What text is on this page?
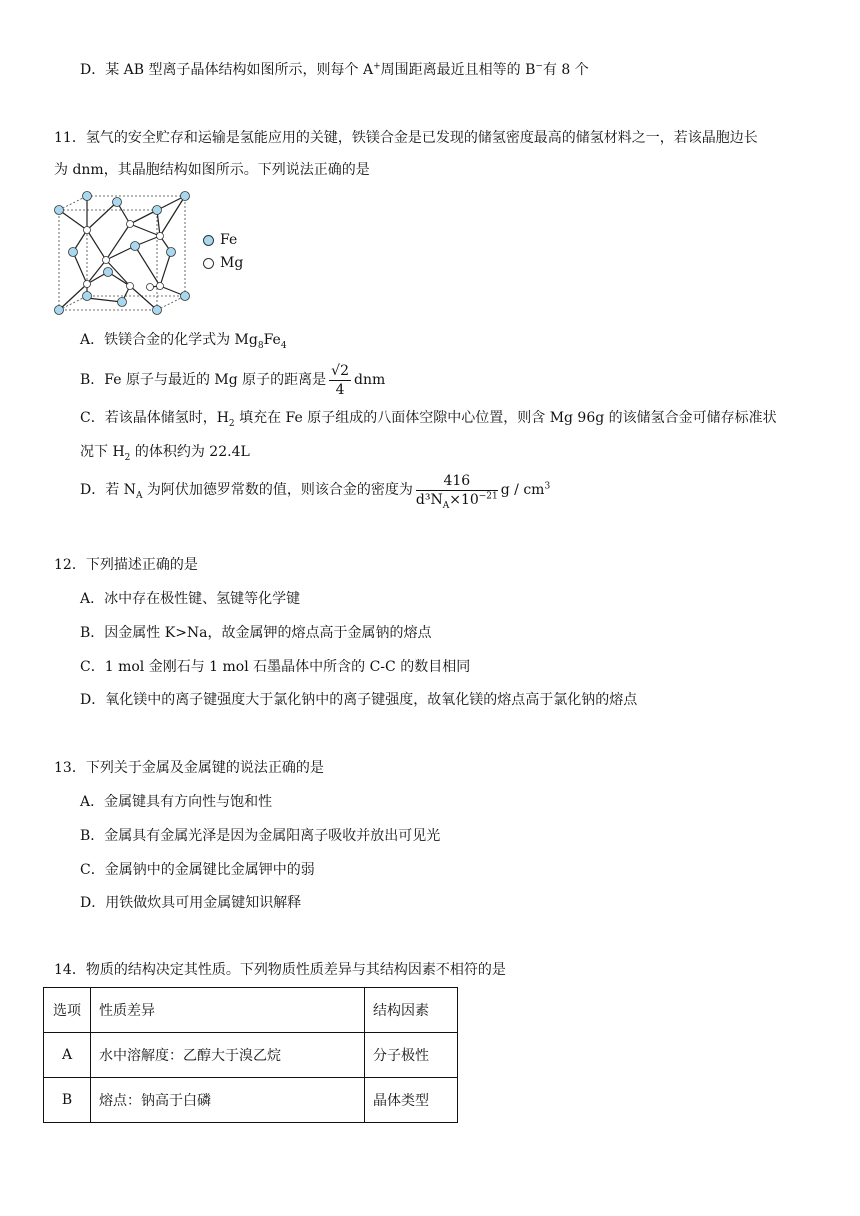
D．某 AB 型离子晶体结构如图所示，则每个 A+周围距离最近且相等的 B−有 8 个
11．氢气的安全贮存和运输是氢能应用的关键，铁镁合金是已发现的储氢密度最高的储氢材料之一，若该晶胞边长
为 dnm，其晶胞结构如图所示。下列说法正确的是
Fe
Mg
A．铁镁合金的化学式为 $Mg_8Fe_4$
B．Fe 原子与最近的 Mg 原子的距离是 $\frac{√2}{4}$ dnm
C．若该晶体储氢时，$H_2$ 填充在 Fe 原子组成的八面体空隙中心位置，则含 Mg 96g 的该储氢合金可储存标准状
况下 $H_2$ 的体积约为 22.4L
D．若 $N_A$ 为阿伏加德罗常数的值，则该合金的密度为 $\frac{416}{d^3N_A\times 10^{-21}}$ g / $cm^3$
12．下列描述正确的是
A．冰中存在极性键、氢键等化学键
B．因金属性 K>Na，故金属钾的熔点高于金属钠的熔点
C．1 mol 金刚石与 1 mol 石墨晶体中所含的 C-C 的数目相同
D．氧化镁中的离子键强度大于氯化钠中的离子键强度，故氧化镁的熔点高于氯化钠的熔点
13．下列关于金属及金属键的说法正确的是
A．金属键具有方向性与饱和性
B．金属具有金属光泽是因为金属阳离子吸收并放出可见光
C．金属钠中的金属键比金属钾中的弱
D．用铁做炊具可用金属键知识解释
14．物质的结构决定其性质。下列物质性质差异与其结构因素不相符的是
选项	性质差异	结构因素
A	水中溶解度：乙醇大于溴乙烷	分子极性
B	熔点：钠高于白磷	晶体类型
